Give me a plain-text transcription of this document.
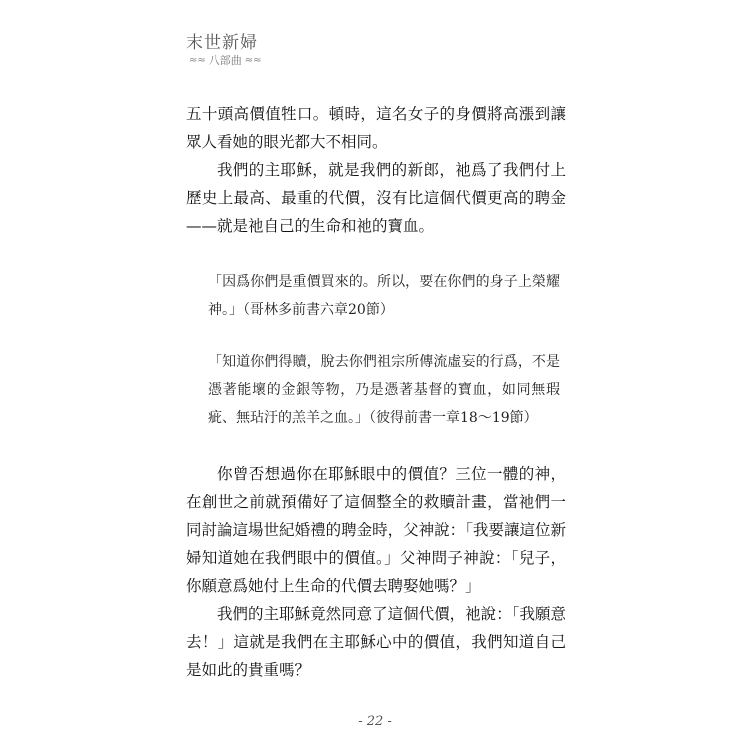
末世新婦
≈≈ 八部曲 ≈≈

五十頭高價值牲口。頓時，這名女子的身價將高漲到讓眾人看她的眼光都大不相同。

我們的主耶穌，就是我們的新郎，祂爲了我們付上歷史上最高、最重的代價，沒有比這個代價更高的聘金——就是祂自己的生命和祂的寶血。

「因爲你們是重價買來的。所以，要在你們的身子上榮耀神。」（哥林多前書六章20節）

「知道你們得贖，脫去你們祖宗所傳流虛妄的行爲，不是憑著能壞的金銀等物，乃是憑著基督的寶血，如同無瑕疵、無玷汙的羔羊之血。」（彼得前書一章18～19節）

你曾否想過你在耶穌眼中的價值？三位一體的神，在創世之前就預備好了這個整全的救贖計畫，當祂們一同討論這場世紀婚禮的聘金時，父神說：「我要讓這位新婦知道她在我們眼中的價值。」父神問子神說：「兒子，你願意爲她付上生命的代價去聘娶她嗎？」

我們的主耶穌竟然同意了這個代價，祂說：「我願意去！」這就是我們在主耶穌心中的價值，我們知道自己是如此的貴重嗎？

- 22 -
